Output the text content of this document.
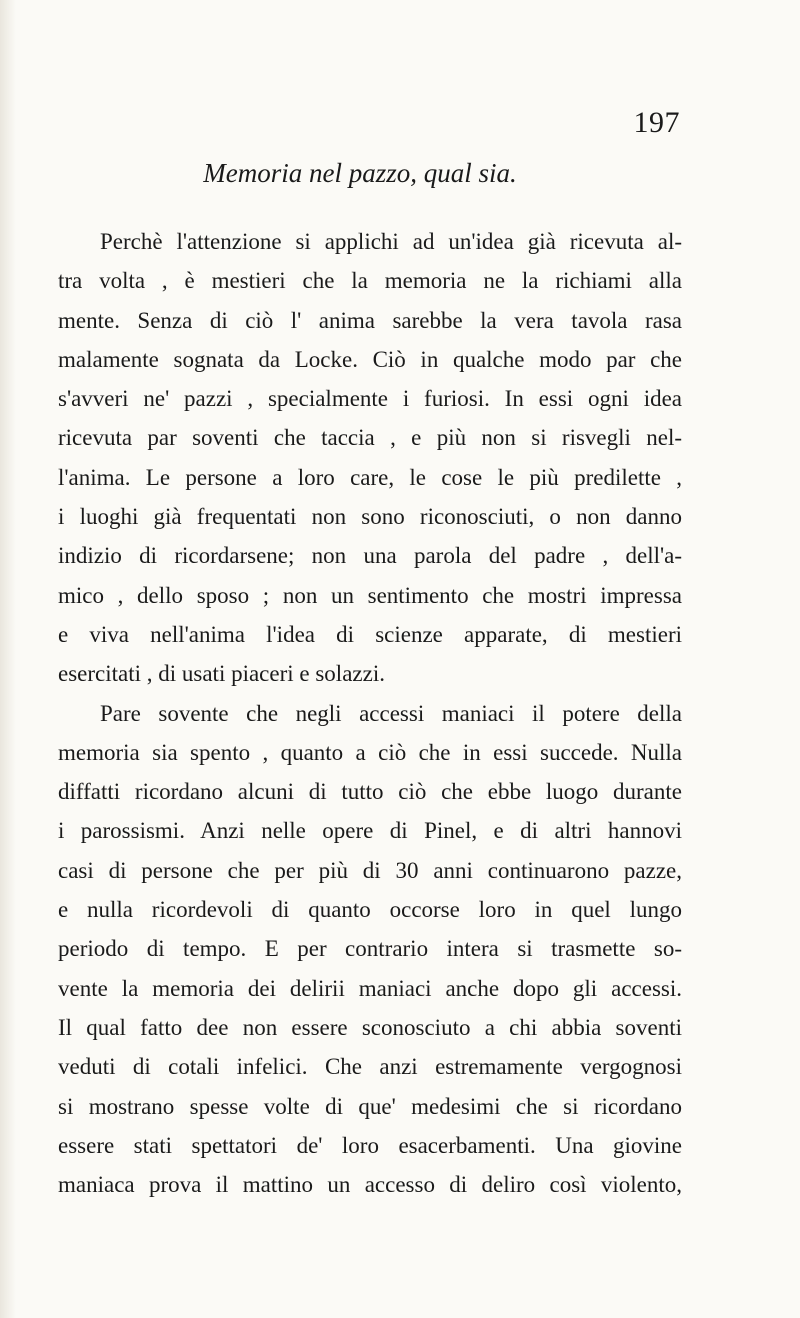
197
Memoria nel pazzo, qual sia.
Perchè l'attenzione si applichi ad un'idea già ricevuta al-
tra volta , è mestieri che la memoria ne la richiami alla
mente. Senza di ciò l' anima sarebbe la vera tavola rasa
malamente sognata da Locke. Ciò in qualche modo par che
s'avveri ne' pazzi , specialmente i furiosi. In essi ogni idea
ricevuta par soventi che taccia , e più non si risvegli nel-
l'anima. Le persone a loro care, le cose le più predilette ,
i luoghi già frequentati non sono riconosciuti, o non danno
indizio di ricordarsene; non una parola del padre , dell'a-
mico , dello sposo ; non un sentimento che mostri impressa
e viva nell'anima l'idea di scienze apparate, di mestieri
esercitati , di usati piaceri e solazzi.
Pare sovente che negli accessi maniaci il potere della
memoria sia spento , quanto a ciò che in essi succede. Nulla
diffatti ricordano alcuni di tutto ciò che ebbe luogo durante
i parossismi. Anzi nelle opere di Pinel, e di altri hannovi
casi di persone che per più di 30 anni continuarono pazze,
e nulla ricordevoli di quanto occorse loro in quel lungo
periodo di tempo. E per contrario intera si trasmette so-
vente la memoria dei delirii maniaci anche dopo gli accessi.
Il qual fatto dee non essere sconosciuto a chi abbia soventi
veduti di cotali infelici. Che anzi estremamente vergognosi
si mostrano spesse volte di que' medesimi che si ricordano
essere stati spettatori de' loro esacerbamenti. Una giovine
maniaca prova il mattino un accesso di deliro così violento,
